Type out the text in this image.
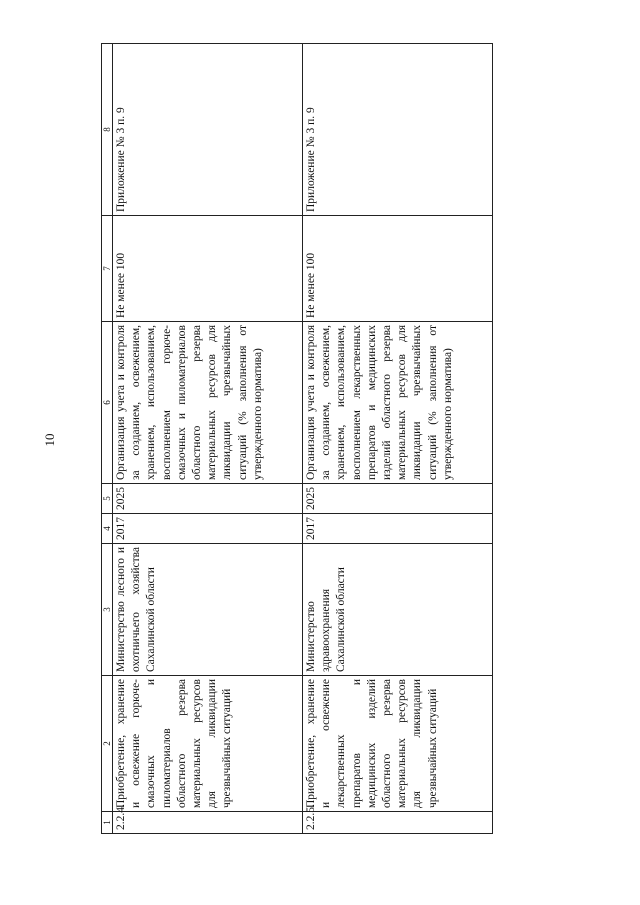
10
1	2	3	4	5	6	7	8
2.2.4.	Приобретение, хранение и освежение горюче-смазочных и пиломатериалов областного резерва материальных ресурсов для ликвидации чрезвычайных ситуаций	Министерство лесного и охотничьего хозяйства Сахалинской области	2017	2025	Организация учета и контроля за созданием, освежением, хранением, использованием, восполнением горюче-смазочных и пиломатериалов областного резерва материальных ресурсов для ликвидации чрезвычайных ситуаций (% заполнения от утвержденного норматива)	Не менее 100	Приложение № 3 п. 9
2.2.5.	Приобретение, хранение и освежение лекарственных препаратов и медицинских изделий областного резерва материальных ресурсов для ликвидации чрезвычайных ситуаций	Министерство здравоохранения Сахалинской области	2017	2025	Организация учета и контроля за созданием, освежением, хранением, использованием, восполнением лекарственных препаратов и медицинских изделий областного резерва материальных ресурсов для ликвидации чрезвычайных ситуаций (% заполнения от утвержденного норматива)	Не менее 100	Приложение № 3 п. 9
